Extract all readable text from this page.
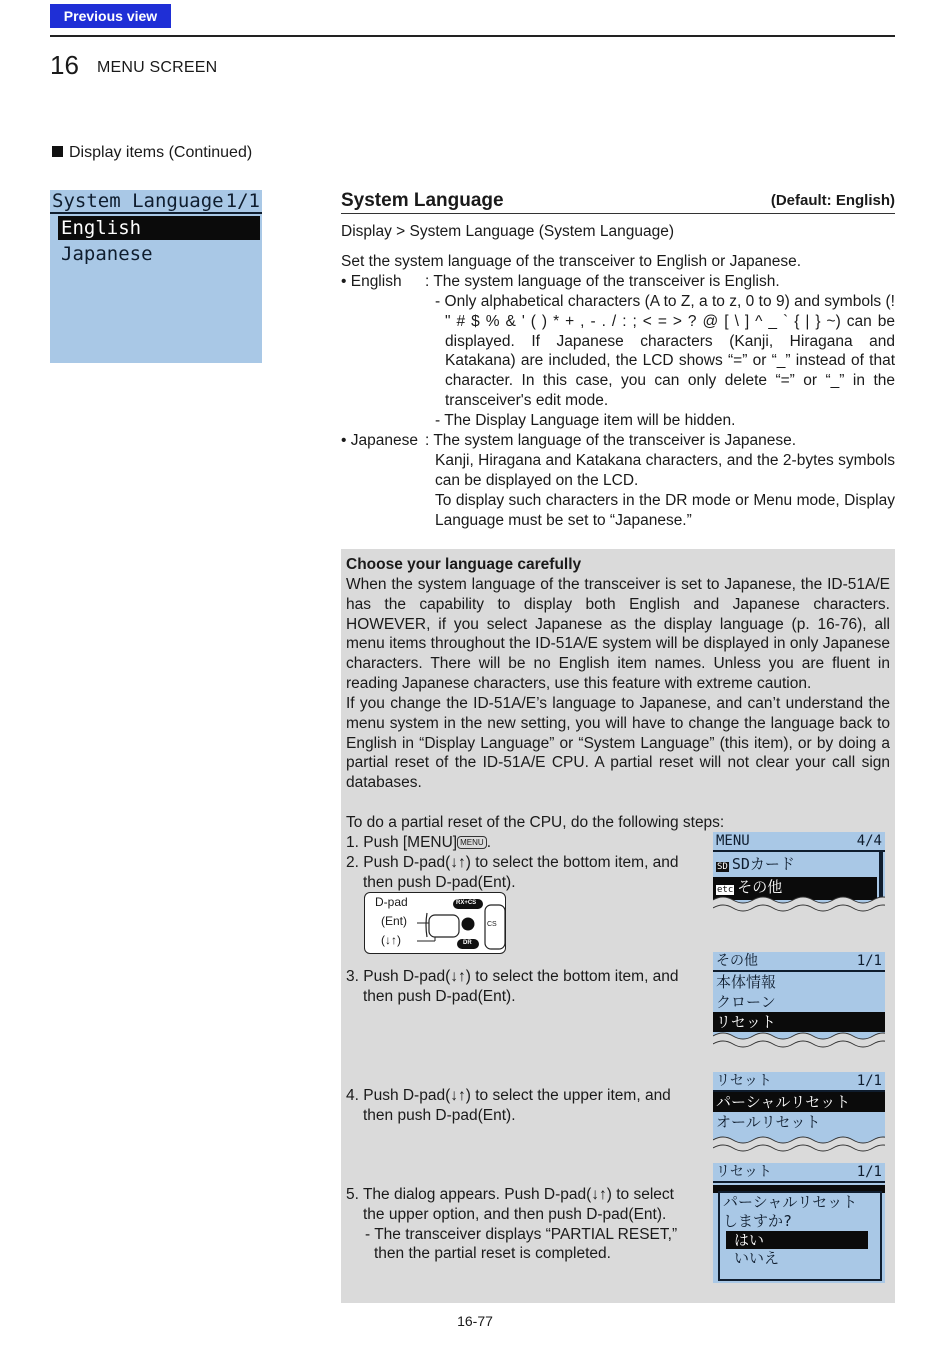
Previous view
16 MENU SCREEN
Display items (Continued)
System Language 1/1
English
Japanese
System Language	(Default: English)
Display > System Language (System Language)
Set the system language of the transceiver to English or Japanese.
• English : The system language of the transceiver is English.
- Only alphabetical characters (A to Z, a to z, 0 to 9) and symbols (! " # $ % & ' ( ) * + , - . / : ; < = > ? @ [ \ ] ^ _ ` { | } ~) can be displayed. If Japanese characters (Kanji, Hiragana and Katakana) are included, the LCD shows “=” or “_” instead of that character. In this case, you can only delete “=” or “_” in the transceiver's edit mode.
- The Display Language item will be hidden.
• Japanese : The system language of the transceiver is Japanese.
Kanji, Hiragana and Katakana characters, and the 2-bytes symbols can be displayed on the LCD.
To display such characters in the DR mode or Menu mode, Display Language must be set to “Japanese.”
Choose your language carefully
When the system language of the transceiver is set to Japanese, the ID-51A/E has the capability to display both English and Japanese characters. HOWEVER, if you select Japanese as the display language (p. 16-76), all menu items throughout the ID-51A/E system will be displayed in only Japanese characters. There will be no English item names. Unless you are fluent in reading Japanese characters, use this feature with extreme caution.
If you change the ID-51A/E’s language to Japanese, and can’t understand the menu system in the new setting, you will have to change the language back to English in “Display Language” or “System Language” (this item), or by doing a partial reset of the ID-51A/E CPU. A partial reset will not clear your call sign databases.
To do a partial reset of the CPU, do the following steps:
1. Push [MENU] MENU .
2. Push D-pad(↓↑) to select the bottom item, and
then push D-pad(Ent).
D-pad
(Ent)
(↓↑)
RX+CS
CS
DR
3. Push D-pad(↓↑) to select the bottom item, and
then push D-pad(Ent).
4. Push D-pad(↓↑) to select the upper item, and
then push D-pad(Ent).
5. The dialog appears. Push D-pad(↓↑) to select
the upper option, and then push D-pad(Ent).
- The transceiver displays “PARTIAL RESET,”
then the partial reset is completed.
MENU	4/4
SD SDカード
etc その他
その他	1/1
本体情報
クローン
リセット
リセット	1/1
パーシャルリセット
オールリセット
リセット	1/1
パーシャルリセット
しますか?
はい
いいえ
16-77
